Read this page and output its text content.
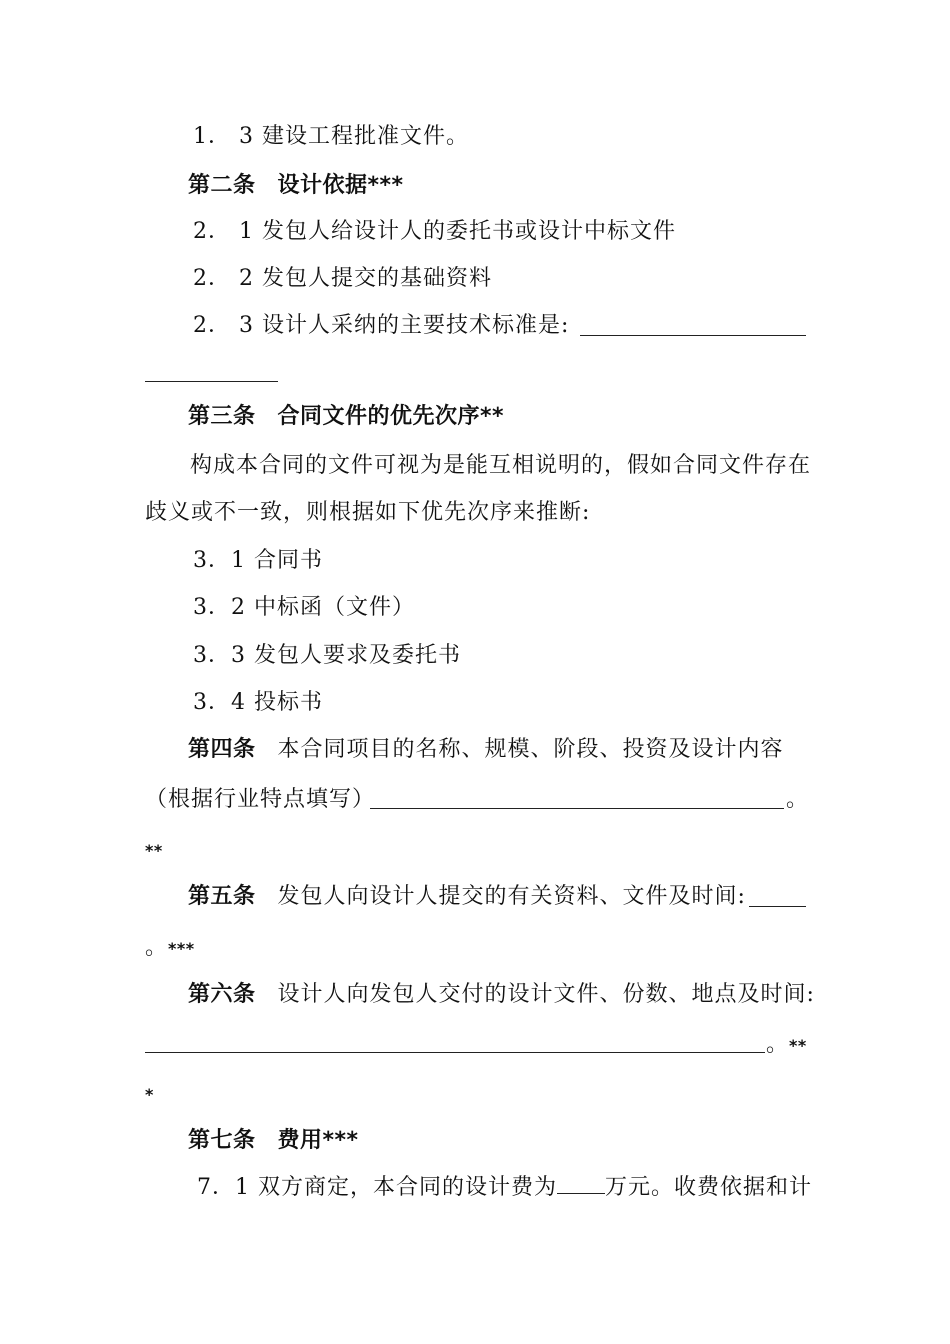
1． 3 建设工程批准文件。
第二条 设计依据***
2． 1 发包人给设计人的委托书或设计中标文件
2． 2 发包人提交的基础资料
2． 3 设计人采纳的主要技术标准是:
第三条 合同文件的优先次序**
构成本合同的文件可视为是能互相说明的，假如合同文件存在
歧义或不一致，则根据如下优先次序来推断:
3．1 合同书
3．2 中标函（文件）
3．3 发包人要求及委托书
3．4 投标书
第四条 本合同项目的名称、规模、阶段、投资及设计内容
（根据行业特点填写）	。
**
第五条 发包人向设计人提交的有关资料、文件及时间:
。***
第六条 设计人向发包人交付的设计文件、份数、地点及时间:
。**
*
第七条 费用***
7．1 双方商定，本合同的设计费为 万元。收费依据和计
